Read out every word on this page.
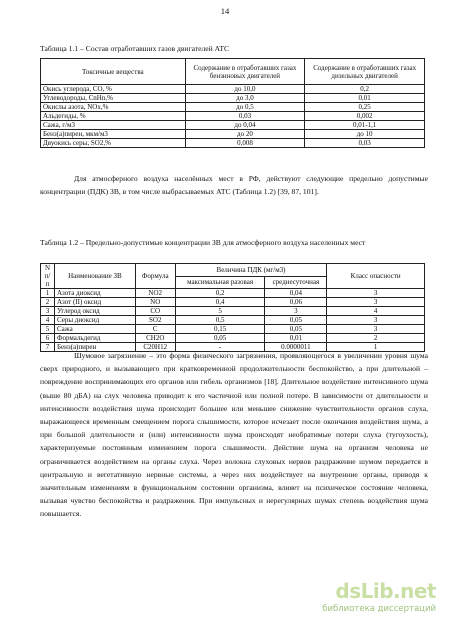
14
Таблица 1.1 – Состав отработавших газов двигателей АТС
Токсичные вещества	Содержание в отработавших газах бензиновых двигателей	Содержание в отработавших газах дизельных двигателей
Окись углерода, CO, %	до 10,0	0,2
Углеводороды, CnHn,%	до 3,0	0,01
Окислы азота, NOx,%	до 0,5	0,25
Альдегиды, %	0,03	0,002
Сажа, г/м3	до 0,04	0,01-1,1
Бенз(а)пирен, мкм/м3	до 20	до 10
Двуокись серы, SO2,%	0,008	0,03

Для атмосферного воздуха населённых мест в РФ, действуют следующие предельно допустимые концентрации (ПДК) ЗВ, в том числе выбрасываемых АТС (Таблица 1.2) [39, 87, 101].

Таблица 1.2 – Предельно-допустимые концентрации ЗВ для атмосферного воздуха населенных мест
N п/п	Наименование ЗВ	Формула	Величина ПДК (мг/м3)		Класс опасности
			максимальная разовая	среднесуточная	
1	Азота диоксид	NO2	0,2	0,04	3
2	Азот (II) оксид	NO	0,4	0,06	3
3	Углерод оксид	CO	5	3	4
4	Серы диоксид	SO2	0,5	0,05	3
5	Сажа	C	0,15	0,05	3
6	Формальдегид	CH2O	0,05	0,01	2
7	Бенз(а)пирен	C20H12	-	0.0000011	1

Шумовое загрязнение – это форма физического загрязнения, проявляющегося в увеличении уровня шума сверх природного, и вызывающего при кратковременной продолжительности беспокойство, а при длительной – повреждение воспринимающих его органов или гибель организмов [18]. Длительное воздействие интенсивного шума (выше 80 дБА) на слух человека приводит к его частичной или полной потере. В зависимости от длительности и интенсивности воздействия шума происходит большее или меньшее снижение чувствительности органов слуха, выражающееся временным смещением порога слышимости, которое исчезает после окончания воздействия шума, а при большой длительности и (или) интенсивности шума происходят необратимые потери слуха (тугоухость), характеризуемые постоянным изменением порога слышимости. Действие шума на организм человека не ограничивается воздействием на органы слуха. Через волокна слуховых нервов раздражение шумом передается в центральную и вегетативную нервные системы, а через них воздействует на внутренние органы, приводя к значительным изменениям в функциональном состоянии организма, влияет на психическое состояние человека, вызывая чувство беспокойства и раздражения. При импульсных и нерегулярных шумах степень воздействия шума повышается.

dsLib.net
библиотека диссертаций
